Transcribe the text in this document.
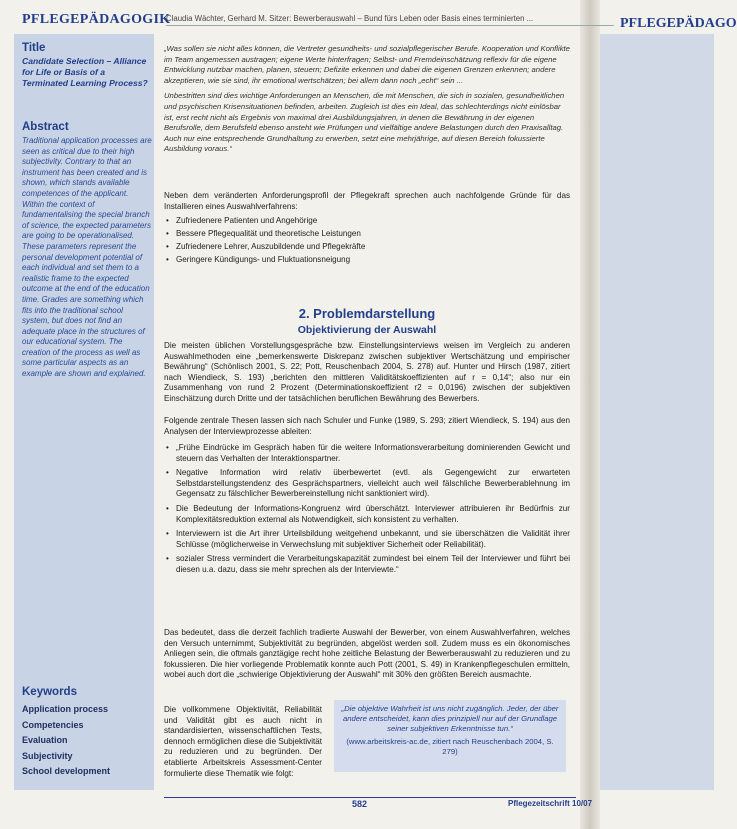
PFLEGEPÄDAGOGIK	PFLEGEPÄDAGO
Claudia Wächter, Gerhard M. Sitzer: Bewerberauswahl – Bund fürs Leben oder Basis eines terminierten ...
Title
Candidate Selection – Alliance for Life or Basis of a Terminated Learning Process?
Abstract
Traditional application processes are seen as critical due to their high subjectivity. Contrary to that an instrument has been created and is shown, which stands available competences of the applicant. Within the context of fundamentalising the special branch of science, the expected parameters are going to be operationalised. These parameters represent the personal development potential of each individual and set them to a realistic frame to the expected outcome at the end of the education time. Grades are something which fits into the traditional school system, but does not find an adequate place in the structures of our educational system. The creation of the process as well as some particular aspects as an example are shown and explained.
Keywords
Application process
Competencies
Evaluation
Subjectivity
School development

„Was sollen sie nicht alles können, die Vertreter gesundheits- und sozialpflegerischer Berufe. Kooperation und Konflikte im Team angemessen austragen; eigene Werte hinterfragen; Selbst- und Fremdeinschätzung reflexiv für die eigene Entwicklung nutzbar machen, planen, steuern; Defizite erkennen und dabei die eigenen Grenzen erkennen; andere akzeptieren, wie sie sind, ihr emotional wertschätzen; bei allem dann noch „echt“ sein ...

Unbestritten sind dies wichtige Anforderungen an Menschen, die mit Menschen, die sich in sozialen, gesundheitlichen und psychischen Krisensituationen befinden, arbeiten. Zugleich ist dies ein Ideal, das schlechterdings nicht einlösbar ist, erst recht nicht als Ergebnis von maximal drei Ausbildungsjahren, in denen die Bewährung in der eigenen Berufsrolle, dem Berufsfeld ebenso ansteht wie Prüfungen und vielfältige andere Belastungen durch den Praxisalltag. Auch nur eine entsprechende Grundhaltung zu erwerben, setzt eine mehrjährige, auf diesen Bereich fokussierte Ausbildung voraus.“

Neben dem veränderten Anforderungsprofil der Pflegekraft sprechen auch nachfolgende Gründe für das Installieren eines Auswahlverfahrens:

• Zufriedenere Patienten und Angehörige
• Bessere Pflegequalität und theoretische Leistungen
• Zufriedenere Lehrer, Auszubildende und Pflegekräfte
• Geringere Kündigungs- und Fluktuationsneigung
2. Problemdarstellung
Objektivierung der Auswahl

Die meisten üblichen Vorstellungsgespräche bzw. Einstellungsinterviews weisen im Vergleich zu anderen Auswahlmethoden eine „bemerkenswerte Diskrepanz zwischen subjektiver Wertschätzung und empirischer Bewährung“ (Schönlisch 2001, S. 22; Pott, Reuschenbach 2004, S. 278) auf. Hunter und Hirsch (1987, zitiert nach Wiendieck, S. 193) „berichten den mittleren Validitätskoeffizienten auf r = 0,14“; also nur ein Zusammenhang von rund 2 Prozent (Determinationskoeffizient r2 = 0,0196) zwischen der subjektiven Einschätzung durch Dritte und der tatsächlichen beruflichen Bewährung des Bewerbers.

Folgende zentrale Thesen lassen sich nach Schuler und Funke (1989, S. 293; zitiert Wiendieck, S. 194) aus den Analysen der Interviewprozesse ableiten:

• „Frühe Eindrücke im Gespräch haben für die weitere Informationsverarbeitung dominierenden Gewicht und steuern das Verhalten der Interaktionspartner.
• Negative Information wird relativ überbewertet (evtl. als Gegengewicht zur erwarteten Selbstdarstellungstendenz des Gesprächspartners, vielleicht auch weil fälschliche Bewerberablehnung im Gegensatz zu fälschlicher Bewerbereinstellung nicht sanktioniert wird).
• Die Bedeutung der Informations-Kongruenz wird überschätzt. Interviewer attribuieren ihr Bedürfnis zur Komplexitätsreduktion external als Notwendigkeit, sich konsistent zu verhalten.
• Interviewern ist die Art ihrer Urteilsbildung weitgehend unbekannt, und sie überschätzen die Validität ihrer Schlüsse (möglicherweise in Verwechslung mit subjektiver Sicherheit oder Reliabilität).
• sozialer Stress vermindert die Verarbeitungskapazität zumindest bei einem Teil der Interviewer und führt bei diesen u.a. dazu, dass sie mehr sprechen als der Interviewte.“

Das bedeutet, dass die derzeit fachlich tradierte Auswahl der Bewerber, von einem Auswahlverfahren, welches den Versuch unternimmt, Subjektivität zu begründen, abgelöst werden soll. Zudem muss es ein ökonomisches Anliegen sein, die oftmals ganztägige recht hohe zeitliche Belastung der Bewerberauswahl zu reduzieren und zu fokussieren. Die hier vorliegende Problematik konnte auch Pott (2001, S. 49) in Krankenpflegeschulen ermitteln, wobei auch dort die „schwierige Objektivierung der Auswahl“ mit 30% den größten Bereich ausmachte.

Die vollkommene Objektivität, Reliabilität und Validität gibt es auch nicht in standardisierten, wissenschaftlichen Tests, dennoch ermöglichen diese die Subjektivität zu reduzieren und zu begründen. Der etablierte Arbeitskreis Assessment-Center formulierte diese Thematik wie folgt:

„Die objektive Wahrheit ist uns nicht zugänglich. Jeder, der über andere entscheidet, kann dies prinzipiell nur auf der Grundlage seiner subjektiven Erkenntnisse tun.“
(www.arbeitskreis-ac.de, zitiert nach Reuschenbach 2004, S. 279)
582	Pflegezeitschrift 10/07
